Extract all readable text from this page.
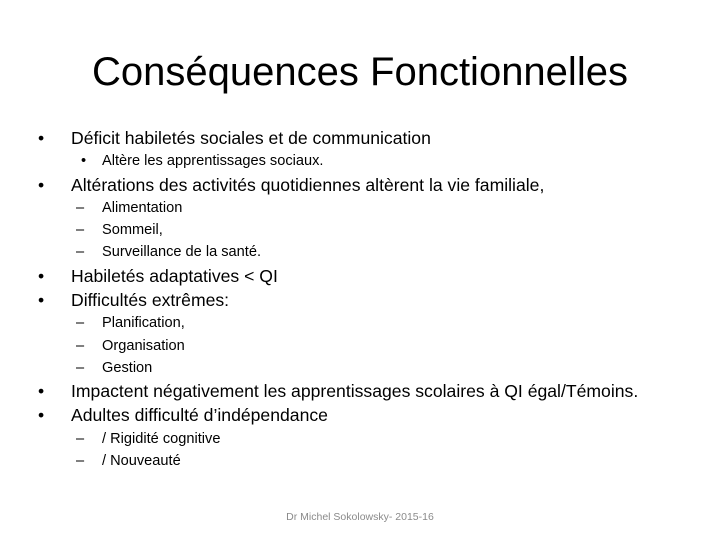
Conséquences Fonctionnelles
• Déficit habiletés sociales et de communication
• Altère les apprentissages sociaux.
• Altérations des activités quotidiennes altèrent la vie familiale,
– Alimentation
– Sommeil,
– Surveillance de la santé.
• Habiletés adaptatives < QI
• Difficultés extrêmes:
– Planification,
– Organisation
– Gestion
• Impactent négativement les apprentissages scolaires à QI égal/Témoins.
• Adultes difficulté d’indépendance
– / Rigidité cognitive
– / Nouveauté
Dr Michel Sokolowsky- 2015-16
